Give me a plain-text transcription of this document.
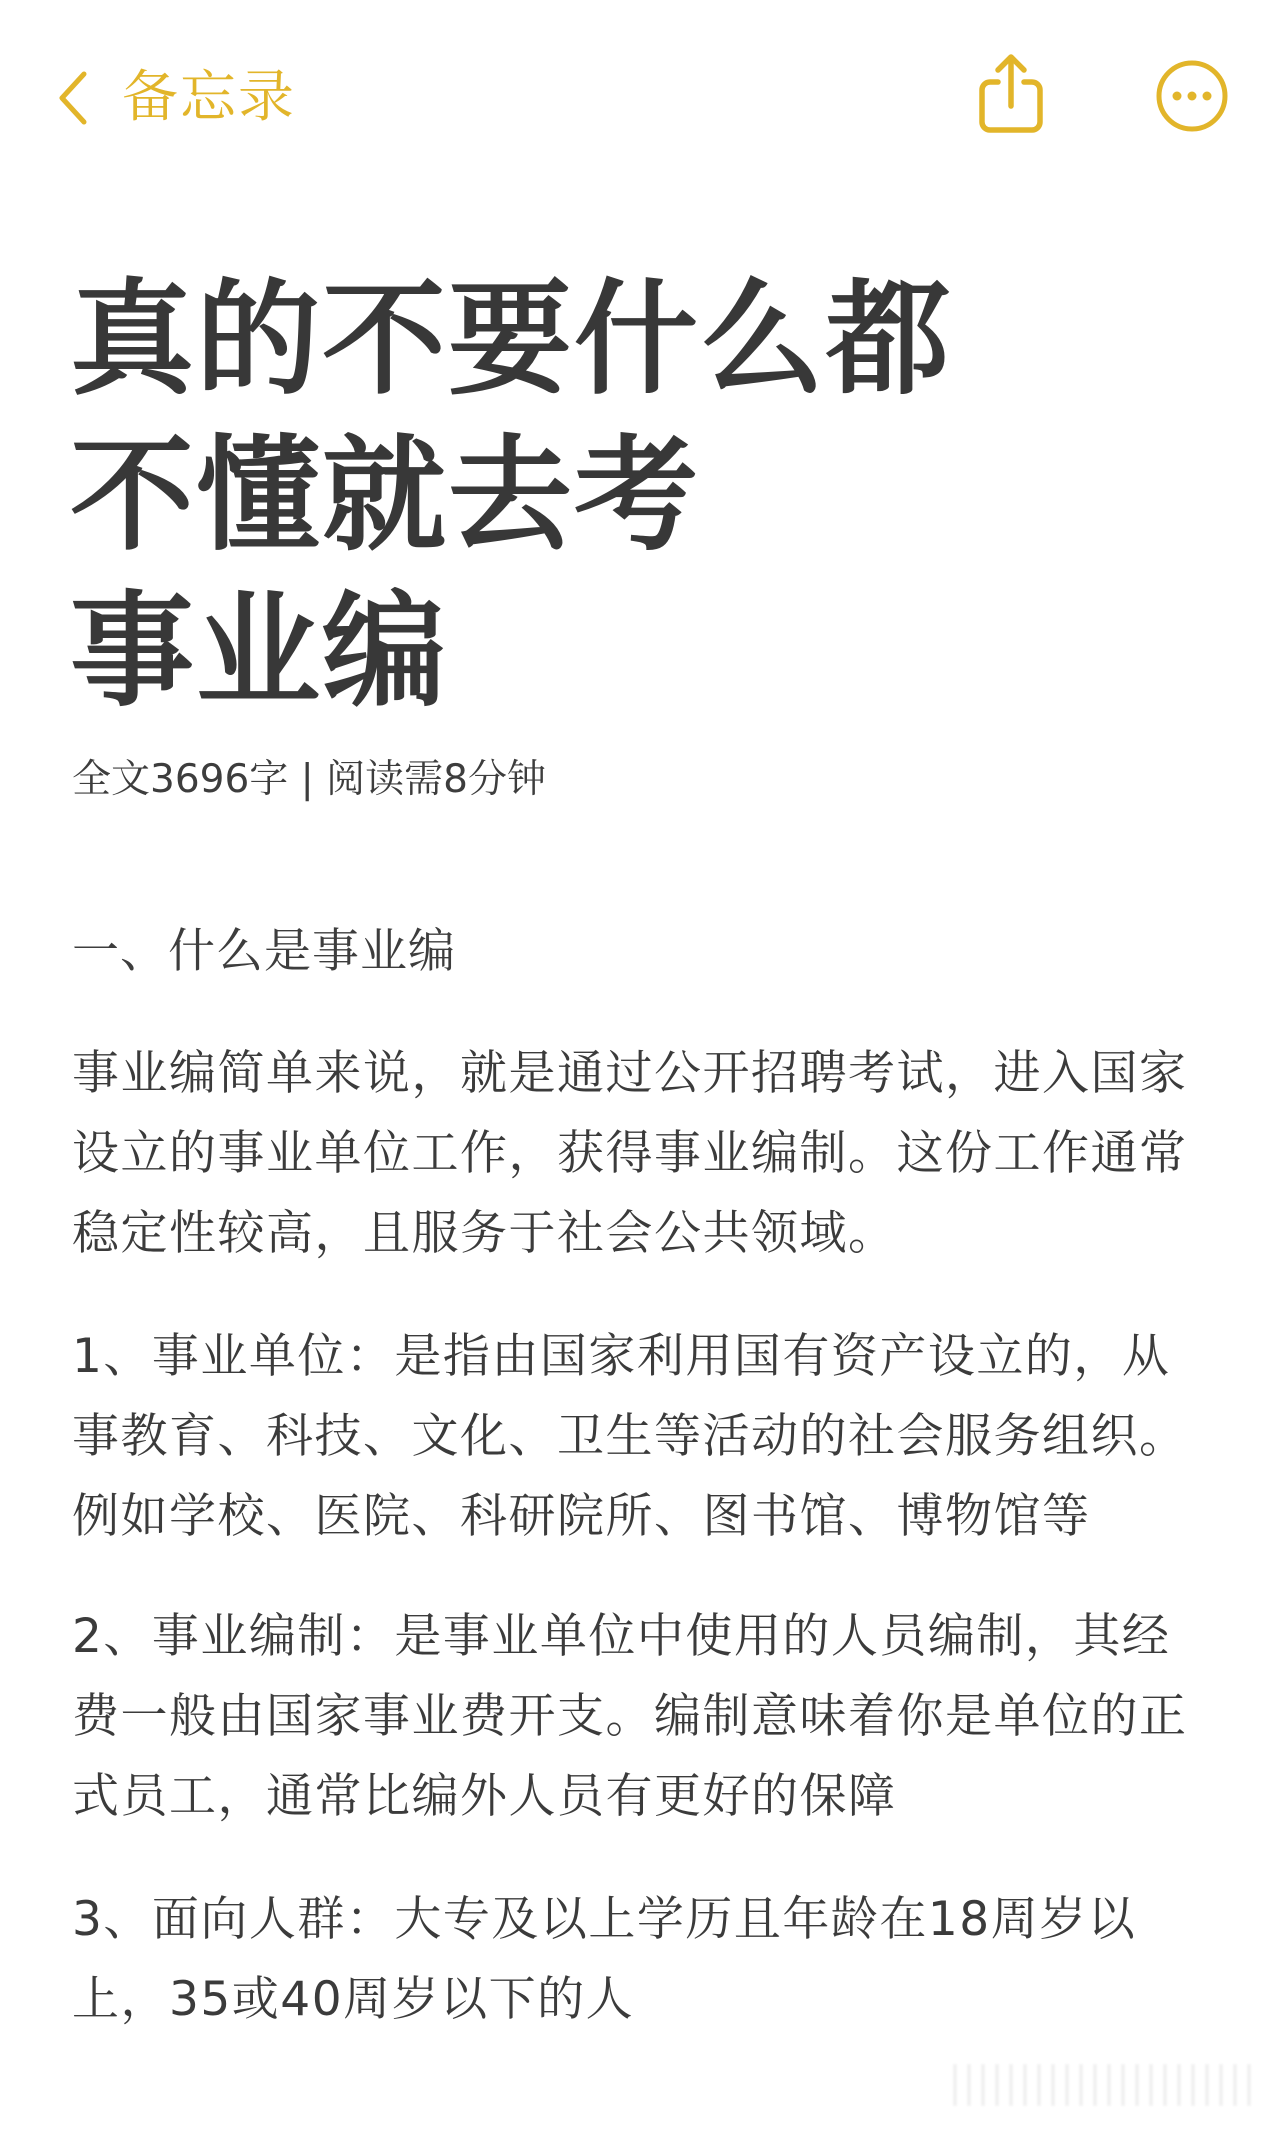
备忘录
真的不要什么都
不懂就去考
事业编
全文3696字 | 阅读需8分钟
一、什么是事业编
事业编简单来说，就是通过公开招聘考试，进入国家
设立的事业单位工作，获得事业编制。这份工作通常
稳定性较高，且服务于社会公共领域。
1、事业单位：是指由国家利用国有资产设立的，从
事教育、科技、文化、卫生等活动的社会服务组织。
例如学校、医院、科研院所、图书馆、博物馆等
2、事业编制：是事业单位中使用的人员编制，其经
费一般由国家事业费开支。编制意味着你是单位的正
式员工，通常比编外人员有更好的保障
3、面向人群：大专及以上学历且年龄在18周岁以
上，35或40周岁以下的人
